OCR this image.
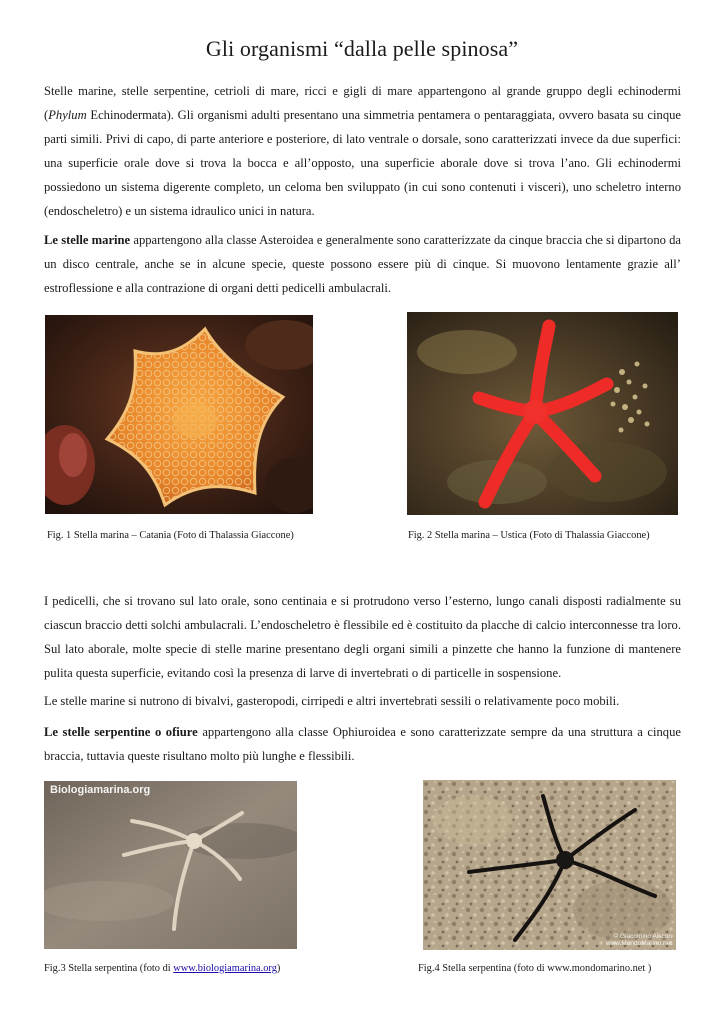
Gli organismi “dalla pelle spinosa”

Stelle marine, stelle serpentine, cetrioli di mare, ricci e gigli di mare appartengono al grande gruppo degli echinodermi (Phylum Echinodermata). Gli organismi adulti presentano una simmetria pentamera o pentaraggiata, ovvero basata su cinque parti simili. Privi di capo, di parte anteriore e posteriore, di lato ventrale o dorsale, sono caratterizzati invece da due superfici: una superficie orale dove si trova la bocca e all’opposto, una superficie aborale dove si trova l’ano. Gli echinodermi possiedono un sistema digerente completo, un celoma ben sviluppato (in cui sono contenuti i visceri), uno scheletro interno (endoscheletro) e un sistema idraulico unici in natura.

Le stelle marine appartengono alla classe Asteroidea e generalmente sono caratterizzate da cinque braccia che si dipartono da un disco centrale, anche se in alcune specie, queste possono essere più di cinque. Si muovono lentamente grazie all’ estroflessione e alla contrazione di organi detti pedicelli ambulacrali.

Fig. 1 Stella marina – Catania (Foto di Thalassia Giaccone)	Fig. 2 Stella marina – Ustica (Foto di Thalassia Giaccone)

I pedicelli, che si trovano sul lato orale, sono centinaia e si protrudono verso l’esterno, lungo canali disposti radialmente su ciascun braccio detti solchi ambulacrali. L’endoscheletro è flessibile ed è costituito da placche di calcio interconnesse tra loro. Sul lato aborale, molte specie di stelle marine presentano degli organi simili a pinzette che hanno la funzione di mantenere pulita questa superficie, evitando così la presenza di larve di invertebrati o di particelle in sospensione.

Le stelle marine si nutrono di bivalvi, gasteropodi, cirripedi e altri invertebrati sessili o relativamente poco mobili.

Le stelle serpentine o ofiure appartengono alla classe Ophiuroidea e sono caratterizzate sempre da una struttura a cinque braccia, tuttavia queste risultano molto più lunghe e flessibili.

Biologiamarina.org
© Giacomino Aiscon
www.MondoMarino.net
Fig.3 Stella serpentina (foto di www.biologiamarina.org)	Fig.4 Stella serpentina (foto di www.mondomarino.net )
